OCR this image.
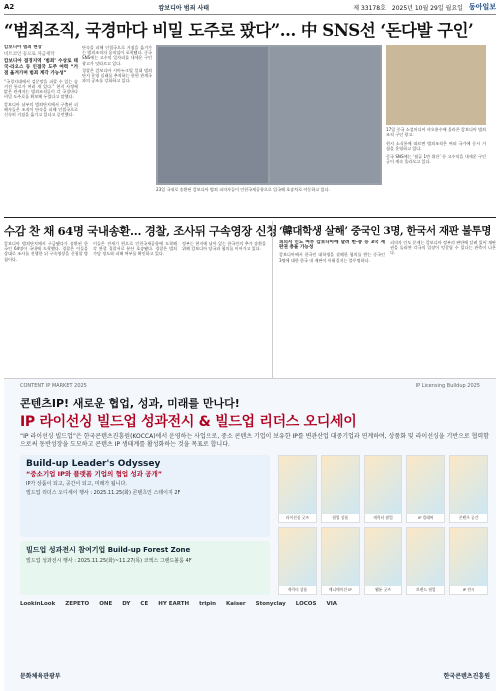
A2	캄보디아 범죄 사태	제 33178호 2025년 10월 29일 월요일 동아일보
“범죄조직, 국경마다 비밀 도주로 팠다”… 中 SNS선 ‘돈다발 구인’
캄보디아 범죄 현장
비트코인 등으로 자금세탁

캄보디아 접경지역 ‘범죄’ 수상로 태국·라오스 등 인접국 도주 여력 “거점 옮겨가며 범죄 계각 가능성”

“국경지대에서 검문망을 피할 수 있는 숨겨진 통로가 여러 개 있다.” 현지 사정에 밝은 관계자는 범죄조직들이 각 국경마다 비밀 도주로를 확보해 두었다고 말했다.

캄보디아 남부의 범죄단지에서 구출된 피해자들은 조직이 단속을 피해 인접국으로 신속히 거점을 옮기고 있다고 증언했다.

단속을 피해 인접국으로 거점을 옮겨가는 범죄조직의 움직임이 포착됐다. 중국 SNS에는 고수익 일자리를 내세운 구인 광고가 잇따르고 있다.

경찰은 캄보디아 시아누크빌 일대 범죄단지 운영 실태를 추적하는 한편 관계국과의 공조를 강화하고 있다.

23일 국내로 송환된 캄보디아 범죄 피의자들이 인천국제공항으로 입국해 호송차로 이동하고 있다.
17일 중국 소셜미디어 샤오훙수에 올라온 캄보디아 범죄 조직 구인 광고.

현지 소식통에 따르면 범죄조직은 여러 국가에 동시 거점을 운영하고 있다.

중국 SNS에는 ‘월급 1만 위안’ 등 고수익을 내세운 구인 글이 계속 올라오고 있다.

수감 찬 채 64명 국내송환… 경찰, 조사뒤 구속영장 신청

캄보디아 범죄단지에서 구금됐다가 송환된 한국인 64명이 국내에 도착했다. 경찰은 이들을 상대로 조사를 진행한 뒤 구속영장을 신청할 방침이다.

이들은 전세기 편으로 인천국제공항에 도착해 각 관할 경찰서로 분산 호송됐다. 경찰은 범죄 가담 정도와 피해 여부를 확인하고 있다.

정부는 현지에 남아 있는 한국인의 추가 송환을 위해 캄보디아 당국과 협의를 이어가고 있다.

‘韓대학생 살해’ 중국인 3명, 한국서 재판 불투명

피의자 인도 여부 캄보디아에 달려 한·중 등 3국 재판권 충돌 가능성

캄보디아에서 한국인 대학생을 살해한 혐의를 받는 중국인 3명에 대한 한국 내 재판이 이뤄질지는 불투명하다.

피의자 인도 문제는 캄보디아 정부의 판단에 달려 있어 재판권을 둘러싼 각국의 입장이 엇갈릴 수 있다는 관측이 나온다.

CONTENT IP MARKET 2025	IP Licensing Buildup 2025
콘텐츠IP! 새로운 협업, 성과, 미래를 만나다!
IP 라이선싱 빌드업 성과전시 & 빌드업 리더스 오디세이
“IP 라이선싱 빌드업”은 한국콘텐츠진흥원(KOCCA)에서 운영하는 사업으로, 중소 콘텐츠 기업이 보유한 IP를 변관산업 대중기업과 연계하여, 상품화 및 라이선싱을 기반으로 협력함으로써 동반성장을 도모하고 콘텐츠 IP 생태계를 활성화하는 것을 목표로 합니다.
Build-up Leader's Odyssey
“중소기업 IP와 플랫폼 기업의 협업 성과 공개”
IP가 상품이 되고, 공간이 되고, 미래가 됩니다.
빌드업 리더스 오디세이 행사 : 2025.11.25(화) 콘텐츠인 스테이지 2F
빌드업 성과전시 참여기업 Build-up Forest Zone
빌드업 성과전시 행사 : 2025.11.25(화)~11.27(목) 코엑스 그랜드볼룸 4F
라이선싱 굿즈	협업 상품	캐릭터 팝업	IP 컬래버	콘텐츠 공간
캐릭터 상품	애니메이션 IP	웹툰 굿즈	브랜드 협업	IP 전시
LookinLook ZEPETO ONE DY CE HY EARTH tripin Kaiser Stonyclay LOCOS VIA
문화체육관광부	한국콘텐츠진흥원
